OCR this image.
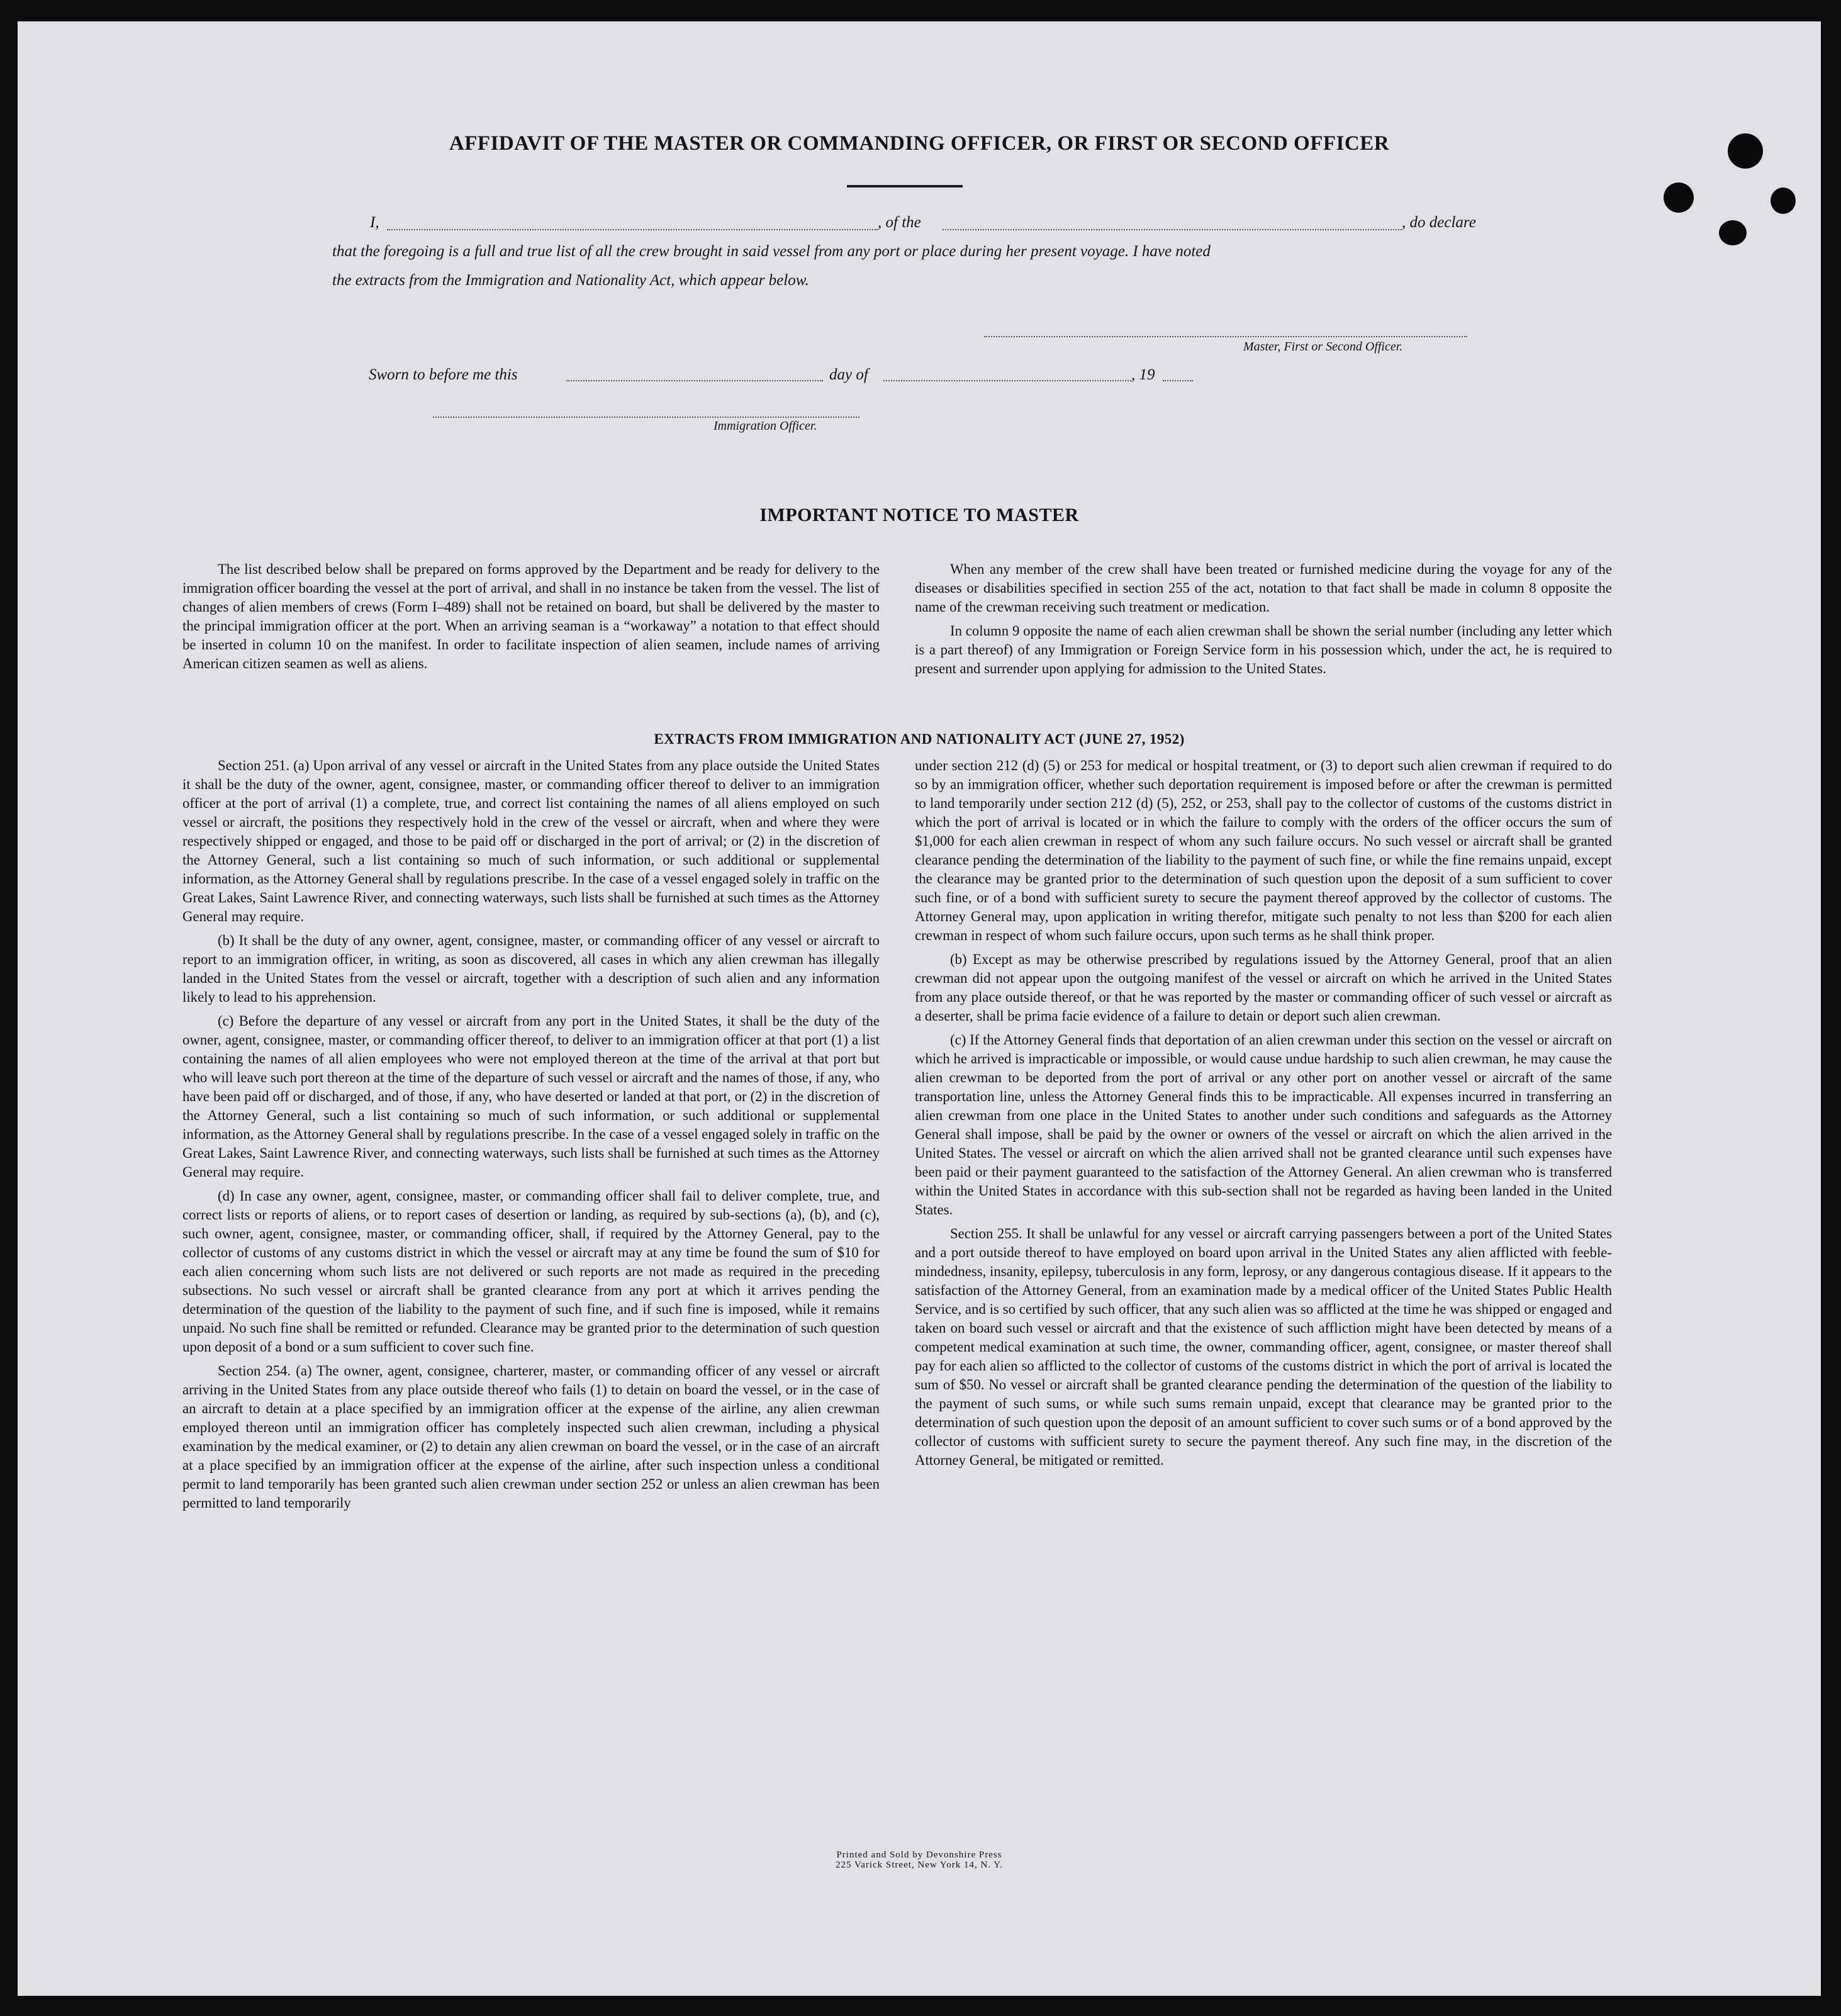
AFFIDAVIT OF THE MASTER OR COMMANDING OFFICER, OR FIRST OR SECOND OFFICER
I,	, of the	, do declare
that the foregoing is a full and true list of all the crew brought in said vessel from any port or place during her present voyage. I have noted
the extracts from the Immigration and Nationality Act, which appear below.
Master, First or Second Officer.
Sworn to before me this	day of	, 19
Immigration Officer.
IMPORTANT NOTICE TO MASTER

The list described below shall be prepared on forms approved by the Department and be ready for delivery to the immigration officer boarding the vessel at the port of arrival, and shall in no instance be taken from the vessel. The list of changes of alien members of crews (Form I–489) shall not be retained on board, but shall be delivered by the master to the principal immigration officer at the port. When an arriving seaman is a “workaway” a notation to that effect should be inserted in column 10 on the manifest. In order to facilitate inspection of alien seamen, include names of arriving American citizen seamen as well as aliens.

When any member of the crew shall have been treated or furnished medicine during the voyage for any of the diseases or disabilities specified in section 255 of the act, notation to that fact shall be made in column 8 opposite the name of the crewman receiving such treatment or medication.

In column 9 opposite the name of each alien crewman shall be shown the serial number (including any letter which is a part thereof) of any Immigration or Foreign Service form in his possession which, under the act, he is required to present and surrender upon applying for admission to the United States.

EXTRACTS FROM IMMIGRATION AND NATIONALITY ACT (JUNE 27, 1952)

Section 251. (a) Upon arrival of any vessel or aircraft in the United States from any place outside the United States it shall be the duty of the owner, agent, consignee, master, or commanding officer thereof to deliver to an immigration officer at the port of arrival (1) a complete, true, and correct list containing the names of all aliens employed on such vessel or aircraft, the positions they respectively hold in the crew of the vessel or aircraft, when and where they were respectively shipped or engaged, and those to be paid off or discharged in the port of arrival; or (2) in the discretion of the Attorney General, such a list containing so much of such information, or such additional or supplemental information, as the Attorney General shall by regulations prescribe. In the case of a vessel engaged solely in traffic on the Great Lakes, Saint Lawrence River, and connecting waterways, such lists shall be furnished at such times as the Attorney General may require.

(b) It shall be the duty of any owner, agent, consignee, master, or commanding officer of any vessel or aircraft to report to an immigration officer, in writing, as soon as discovered, all cases in which any alien crewman has illegally landed in the United States from the vessel or aircraft, together with a description of such alien and any information likely to lead to his apprehension.

(c) Before the departure of any vessel or aircraft from any port in the United States, it shall be the duty of the owner, agent, consignee, master, or commanding officer thereof, to deliver to an immigration officer at that port (1) a list containing the names of all alien employees who were not employed thereon at the time of the arrival at that port but who will leave such port thereon at the time of the departure of such vessel or aircraft and the names of those, if any, who have been paid off or discharged, and of those, if any, who have deserted or landed at that port, or (2) in the discretion of the Attorney General, such a list containing so much of such information, or such additional or supplemental information, as the Attorney General shall by regulations prescribe. In the case of a vessel engaged solely in traffic on the Great Lakes, Saint Lawrence River, and connecting waterways, such lists shall be furnished at such times as the Attorney General may require.

(d) In case any owner, agent, consignee, master, or commanding officer shall fail to deliver complete, true, and correct lists or reports of aliens, or to report cases of desertion or landing, as required by sub-sections (a), (b), and (c), such owner, agent, consignee, master, or commanding officer, shall, if required by the Attorney General, pay to the collector of customs of any customs district in which the vessel or aircraft may at any time be found the sum of $10 for each alien concerning whom such lists are not delivered or such reports are not made as required in the preceding subsections. No such vessel or aircraft shall be granted clearance from any port at which it arrives pending the determination of the question of the liability to the payment of such fine, and if such fine is imposed, while it remains unpaid. No such fine shall be remitted or refunded. Clearance may be granted prior to the determination of such question upon deposit of a bond or a sum sufficient to cover such fine.

Section 254. (a) The owner, agent, consignee, charterer, master, or commanding officer of any vessel or aircraft arriving in the United States from any place outside thereof who fails (1) to detain on board the vessel, or in the case of an aircraft to detain at a place specified by an immigration officer at the expense of the airline, any alien crewman employed thereon until an immigration officer has completely inspected such alien crewman, including a physical examination by the medical examiner, or (2) to detain any alien crewman on board the vessel, or in the case of an aircraft at a place specified by an immigration officer at the expense of the airline, after such inspection unless a conditional permit to land temporarily has been granted such alien crewman under section 252 or unless an alien crewman has been permitted to land temporarily

under section 212 (d) (5) or 253 for medical or hospital treatment, or (3) to deport such alien crewman if required to do so by an immigration officer, whether such deportation requirement is imposed before or after the crewman is permitted to land temporarily under section 212 (d) (5), 252, or 253, shall pay to the collector of customs of the customs district in which the port of arrival is located or in which the failure to comply with the orders of the officer occurs the sum of $1,000 for each alien crewman in respect of whom any such failure occurs. No such vessel or aircraft shall be granted clearance pending the determination of the liability to the payment of such fine, or while the fine remains unpaid, except the clearance may be granted prior to the determination of such question upon the deposit of a sum sufficient to cover such fine, or of a bond with sufficient surety to secure the payment thereof approved by the collector of customs. The Attorney General may, upon application in writing therefor, mitigate such penalty to not less than $200 for each alien crewman in respect of whom such failure occurs, upon such terms as he shall think proper.

(b) Except as may be otherwise prescribed by regulations issued by the Attorney General, proof that an alien crewman did not appear upon the outgoing manifest of the vessel or aircraft on which he arrived in the United States from any place outside thereof, or that he was reported by the master or commanding officer of such vessel or aircraft as a deserter, shall be prima facie evidence of a failure to detain or deport such alien crewman.

(c) If the Attorney General finds that deportation of an alien crewman under this section on the vessel or aircraft on which he arrived is impracticable or impossible, or would cause undue hardship to such alien crewman, he may cause the alien crewman to be deported from the port of arrival or any other port on another vessel or aircraft of the same transportation line, unless the Attorney General finds this to be impracticable. All expenses incurred in transferring an alien crewman from one place in the United States to another under such conditions and safeguards as the Attorney General shall impose, shall be paid by the owner or owners of the vessel or aircraft on which the alien arrived in the United States. The vessel or aircraft on which the alien arrived shall not be granted clearance until such expenses have been paid or their payment guaranteed to the satisfaction of the Attorney General. An alien crewman who is transferred within the United States in accordance with this sub-section shall not be regarded as having been landed in the United States.

Section 255. It shall be unlawful for any vessel or aircraft carrying passengers between a port of the United States and a port outside thereof to have employed on board upon arrival in the United States any alien afflicted with feeble-mindedness, insanity, epilepsy, tuberculosis in any form, leprosy, or any dangerous contagious disease. If it appears to the satisfaction of the Attorney General, from an examination made by a medical officer of the United States Public Health Service, and is so certified by such officer, that any such alien was so afflicted at the time he was shipped or engaged and taken on board such vessel or aircraft and that the existence of such affliction might have been detected by means of a competent medical examination at such time, the owner, commanding officer, agent, consignee, or master thereof shall pay for each alien so afflicted to the collector of customs of the customs district in which the port of arrival is located the sum of $50. No vessel or aircraft shall be granted clearance pending the determination of the question of the liability to the payment of such sums, or while such sums remain unpaid, except that clearance may be granted prior to the determination of such question upon the deposit of an amount sufficient to cover such sums or of a bond approved by the collector of customs with sufficient surety to secure the payment thereof. Any such fine may, in the discretion of the Attorney General, be mitigated or remitted.

Printed and Sold by Devonshire Press
225 Varick Street, New York 14, N. Y.
